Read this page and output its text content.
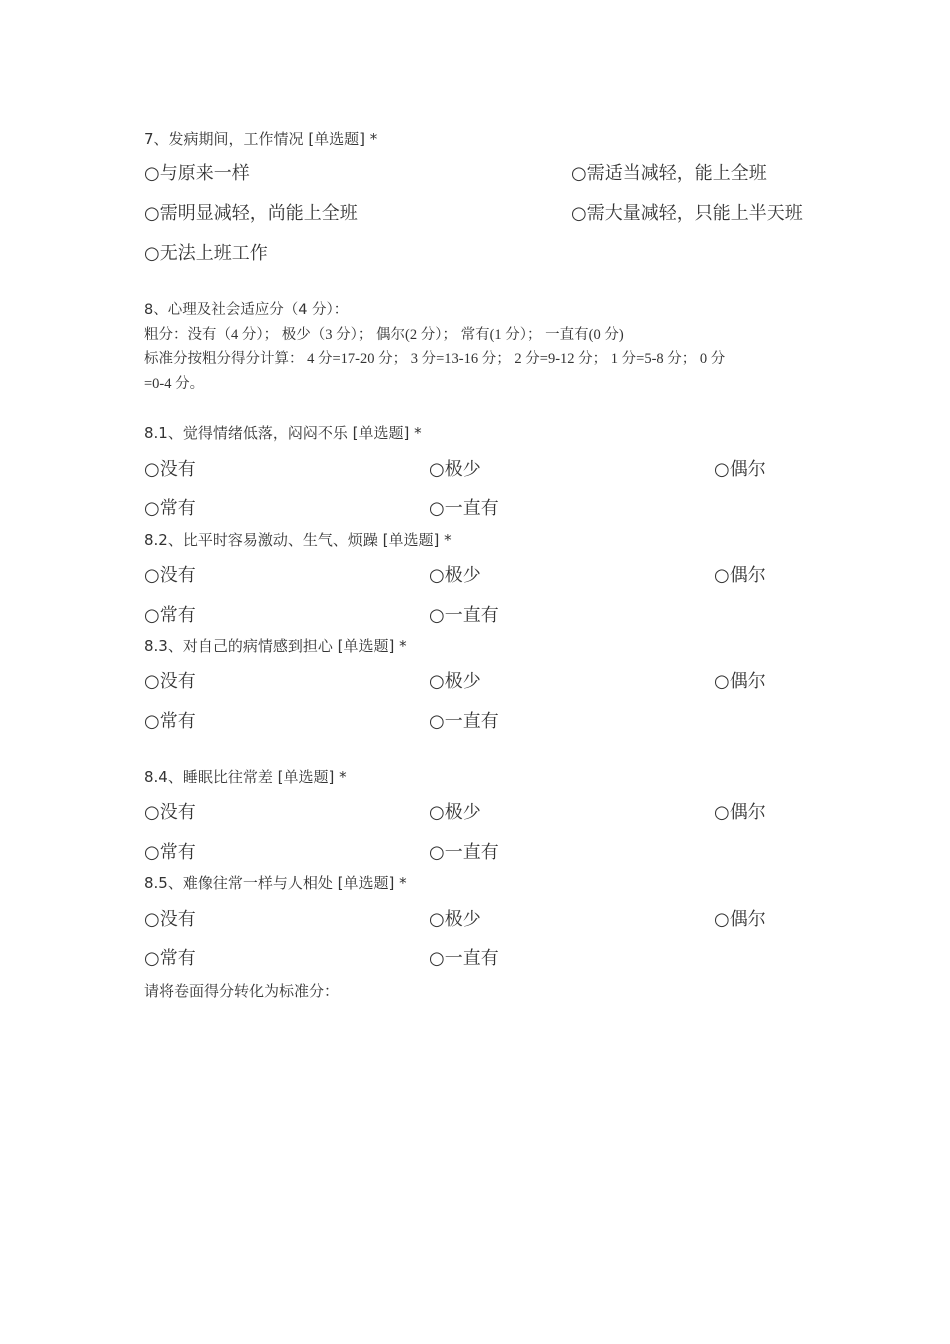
7、发病期间，工作情况 [单选题] *
○与原来一样	○需适当减轻，能上全班
○需明显减轻，尚能上全班	○需大量减轻，只能上半天班
○无法上班工作
8、心理及社会适应分（4 分）：
粗分：没有（4 分）； 极少（3 分）； 偶尔(2 分）； 常有(1 分）； 一直有(0 分)
标准分按粗分得分计算： 4 分=17-20 分； 3 分=13-16 分； 2 分=9-12 分； 1 分=5-8 分； 0 分
=0-4 分。
8.1、觉得情绪低落，闷闷不乐 [单选题] *
○没有	○极少	○偶尔
○常有	○一直有
8.2、比平时容易激动、生气、烦躁 [单选题] *
○没有	○极少	○偶尔
○常有	○一直有
8.3、对自己的病情感到担心 [单选题] *
○没有	○极少	○偶尔
○常有	○一直有
8.4、睡眠比往常差 [单选题] *
○没有	○极少	○偶尔
○常有	○一直有
8.5、难像往常一样与人相处 [单选题] *
○没有	○极少	○偶尔
○常有	○一直有
请将卷面得分转化为标准分：
